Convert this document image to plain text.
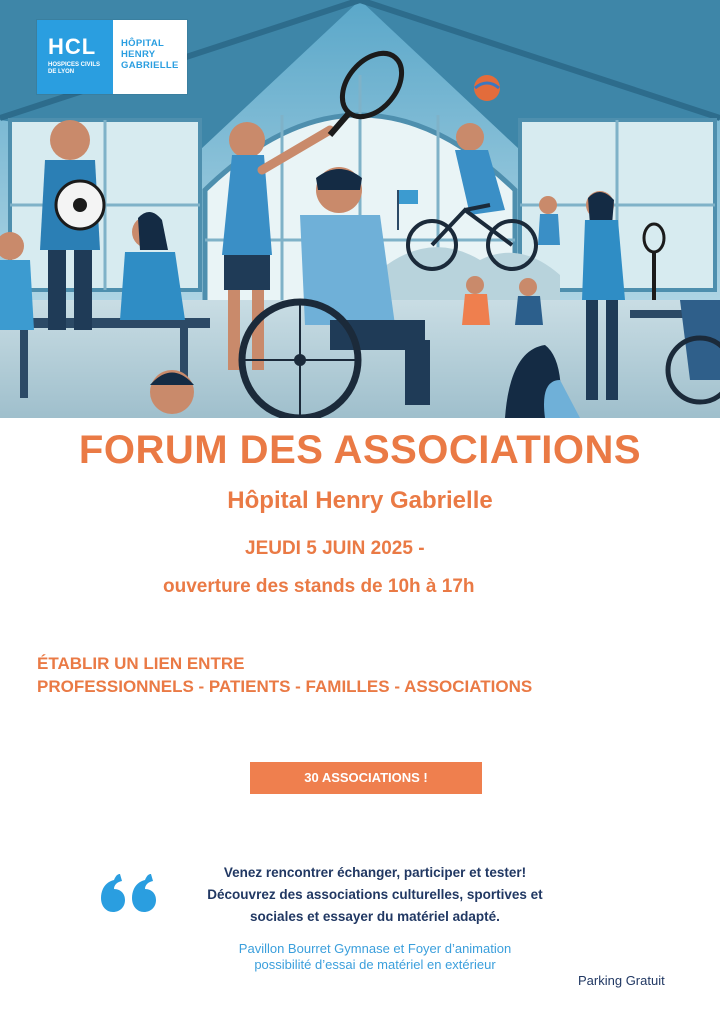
HCL
HOSPICES CIVILS
DE LYON
HÔPITAL
HENRY
GABRIELLE
FORUM DES ASSOCIATIONS
Hôpital Henry Gabrielle
JEUDI 5 JUIN 2025 -
ouverture des stands de 10h à 17h
ÉTABLIR UN LIEN ENTRE
PROFESSIONNELS - PATIENTS - FAMILLES - ASSOCIATIONS
30 ASSOCIATIONS !
Venez rencontrer échanger, participer et tester!
Découvrez des associations culturelles, sportives et
sociales et essayer du matériel adapté.
Pavillon Bourret Gymnase et Foyer d’animation
possibilité d’essai de matériel en extérieur
Parking Gratuit
